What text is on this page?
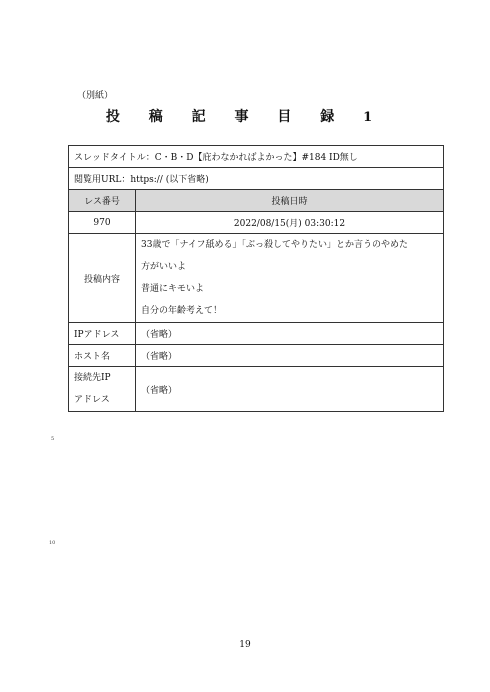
（別紙）
投 稿 記 事 目 録 1
スレッドタイトル：C・B・D【庇わなかればよかった】#184 ID無し	
閲覧用URL：https:// (以下省略)	
レス番号	投稿日時
970	2022/08/15(月) 03:30:12
投稿内容	33歳で「ナイフ舐める」「ぶっ殺してやりたい」とか言うのやめた
方がいいよ
普通にキモいよ
自分の年齢考えて！

IPアドレス	（省略）
ホスト名	（省略）

接続先IP
アドレス	（省略）
5
10
19
